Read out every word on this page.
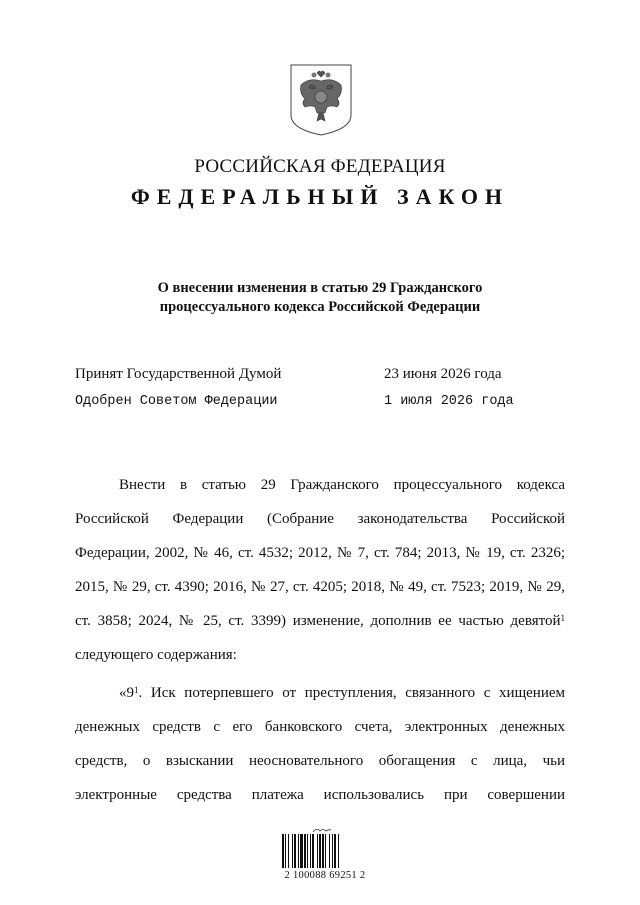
РОССИЙСКАЯ ФЕДЕРАЦИЯ
ФЕДЕРАЛЬНЫЙ ЗАКОН
О внесении изменения в статью 29 Гражданского
процессуального кодекса Российской Федерации
Принят Государственной Думой	23 июня 2026 года
Одобрен Советом Федерации	1 июля 2026 года
Внести в статью 29 Гражданского процессуального кодекса
Российской Федерации (Собрание законодательства Российской
Федерации, 2002, № 46, ст. 4532; 2012, № 7, ст. 784; 2013, № 19, ст. 2326;
2015, № 29, ст. 4390; 2016, № 27, ст. 4205; 2018, № 49, ст. 7523; 2019, № 29,
ст. 3858; 2024, № 25, ст. 3399) изменение, дополнив ее частью девятой$^1$
следующего содержания:
«$9^1$. Иск потерпевшего от преступления, связанного с хищением
денежных средств с его банковского счета, электронных денежных
средств, о взыскании неосновательного обогащения с лица, чьи
электронные средства платежа использовались при совершении
2 100088 69251 2
